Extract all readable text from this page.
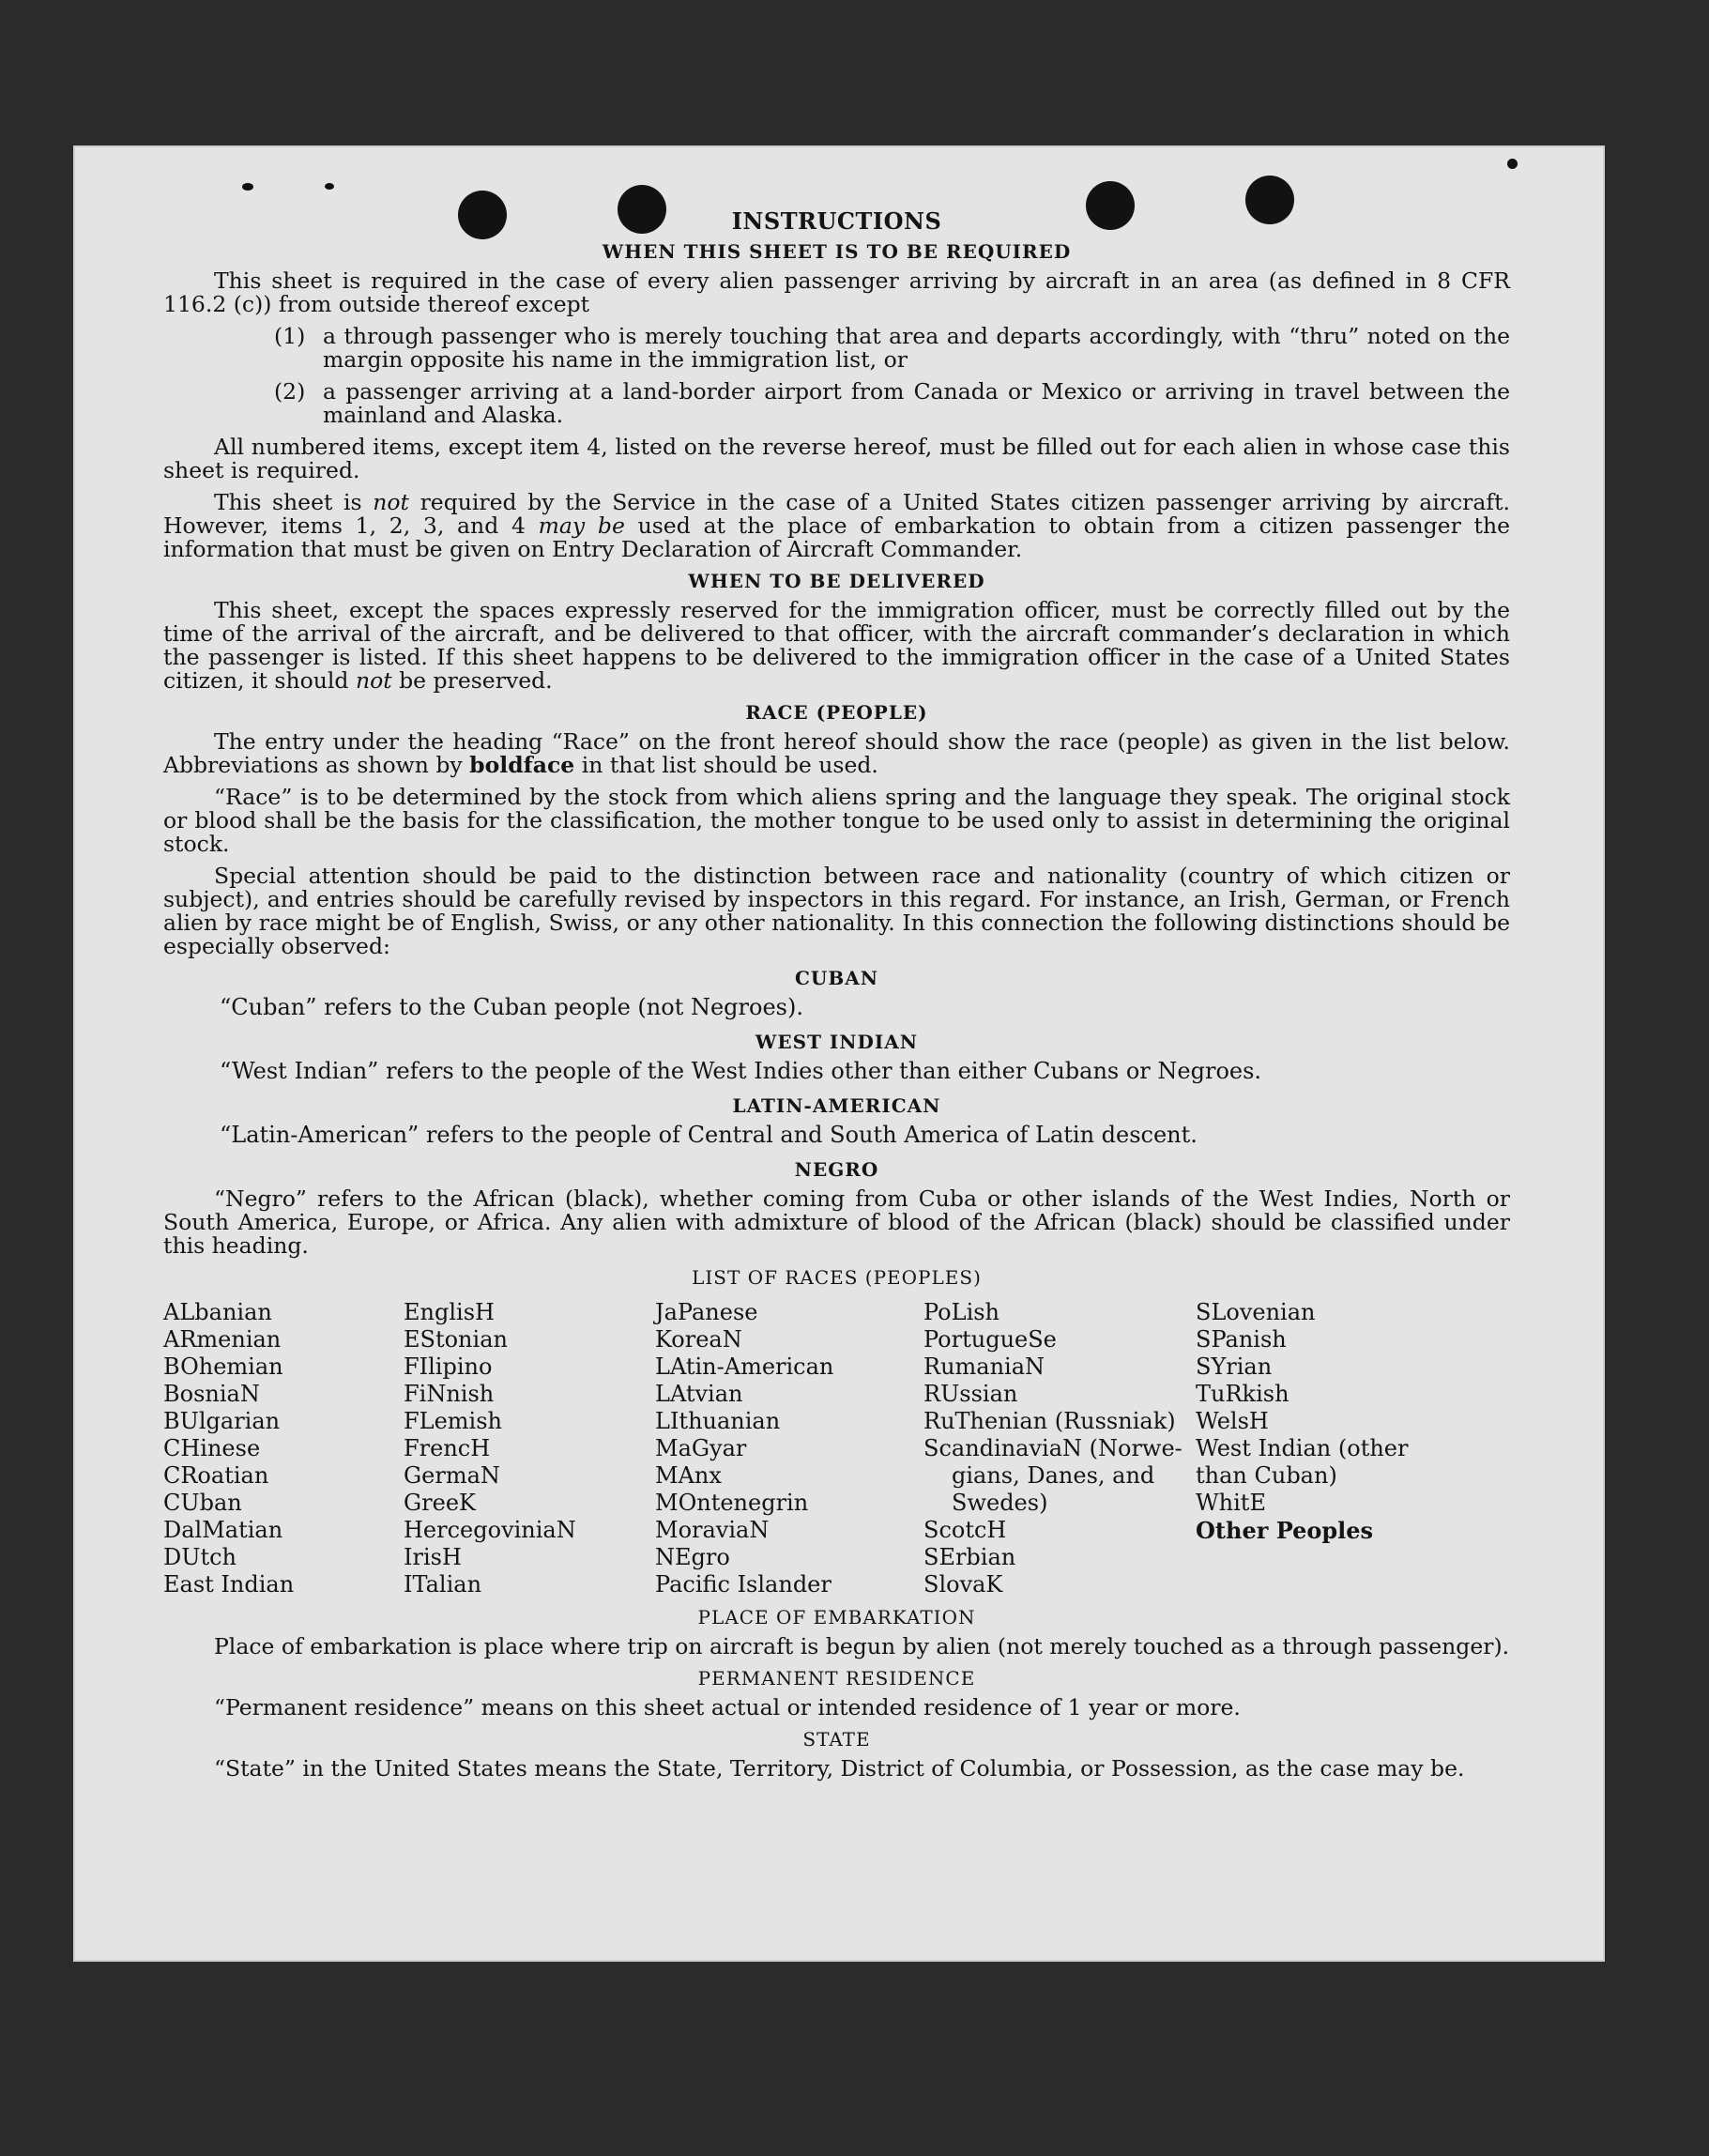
INSTRUCTIONS
WHEN THIS SHEET IS TO BE REQUIRED

This sheet is required in the case of every alien passenger arriving by aircraft in an area (as defined in 8 CFR 116.2 (c)) from outside thereof except

(1) a through passenger who is merely touching that area and departs accordingly, with “thru” noted on the margin opposite his name in the immigration list, or
(2) a passenger arriving at a land-border airport from Canada or Mexico or arriving in travel between the mainland and Alaska.

All numbered items, except item 4, listed on the reverse hereof, must be filled out for each alien in whose case this sheet is required.

This sheet is not required by the Service in the case of a United States citizen passenger arriving by aircraft. However, items 1, 2, 3, and 4 may be used at the place of embarkation to obtain from a citizen passenger the information that must be given on Entry Declaration of Aircraft Commander.

WHEN TO BE DELIVERED

This sheet, except the spaces expressly reserved for the immigration officer, must be correctly filled out by the time of the arrival of the aircraft, and be delivered to that officer, with the aircraft commander’s declaration in which the passenger is listed. If this sheet happens to be delivered to the immigration officer in the case of a United States citizen, it should not be preserved.

RACE (PEOPLE)

The entry under the heading “Race” on the front hereof should show the race (people) as given in the list below. Abbreviations as shown by boldface in that list should be used.

“Race” is to be determined by the stock from which aliens spring and the language they speak. The original stock or blood shall be the basis for the classification, the mother tongue to be used only to assist in determining the original stock.

Special attention should be paid to the distinction between race and nationality (country of which citizen or subject), and entries should be carefully revised by inspectors in this regard. For instance, an Irish, German, or French alien by race might be of English, Swiss, or any other nationality. In this connection the following distinctions should be especially observed:

CUBAN
“Cuban” refers to the Cuban people (not Negroes).
WEST INDIAN
“West Indian” refers to the people of the West Indies other than either Cubans or Negroes.
LATIN-AMERICAN
“Latin-American” refers to the people of Central and South America of Latin descent.
NEGRO

“Negro” refers to the African (black), whether coming from Cuba or other islands of the West Indies, North or South America, Europe, or Africa. Any alien with admixture of blood of the African (black) should be classified under this heading.

LIST OF RACES (PEOPLES)
ALbanian
ARmenian
BOhemian
BosniaN
BUlgarian
CHinese
CRoatian
CUban
DalMatian
DUtch
East Indian
EnglisH
EStonian
FIlipino
FiNnish
FLemish
FrencH
GermaN
GreeK
HercegoviniaN
IrisH
ITalian
JaPanese
KoreaN
LAtin-American
LAtvian
LIthuanian
MaGyar
MAnx
MOntenegrin
MoraviaN
NEgro
Pacific Islander
PoLish
PortugueSe
RumaniaN
RUssian
RuThenian (Russniak)
ScandinaviaN (Norwe-
gians, Danes, and
Swedes)
ScotcH
SErbian
SlovaK
SLovenian
SPanish
SYrian
TuRkish
WelsH
West Indian (other
than Cuban)
WhitE
Other Peoples
PLACE OF EMBARKATION

Place of embarkation is place where trip on aircraft is begun by alien (not merely touched as a through passenger).

PERMANENT RESIDENCE

“Permanent residence” means on this sheet actual or intended residence of 1 year or more.

STATE

“State” in the United States means the State, Territory, District of Columbia, or Possession, as the case may be.
